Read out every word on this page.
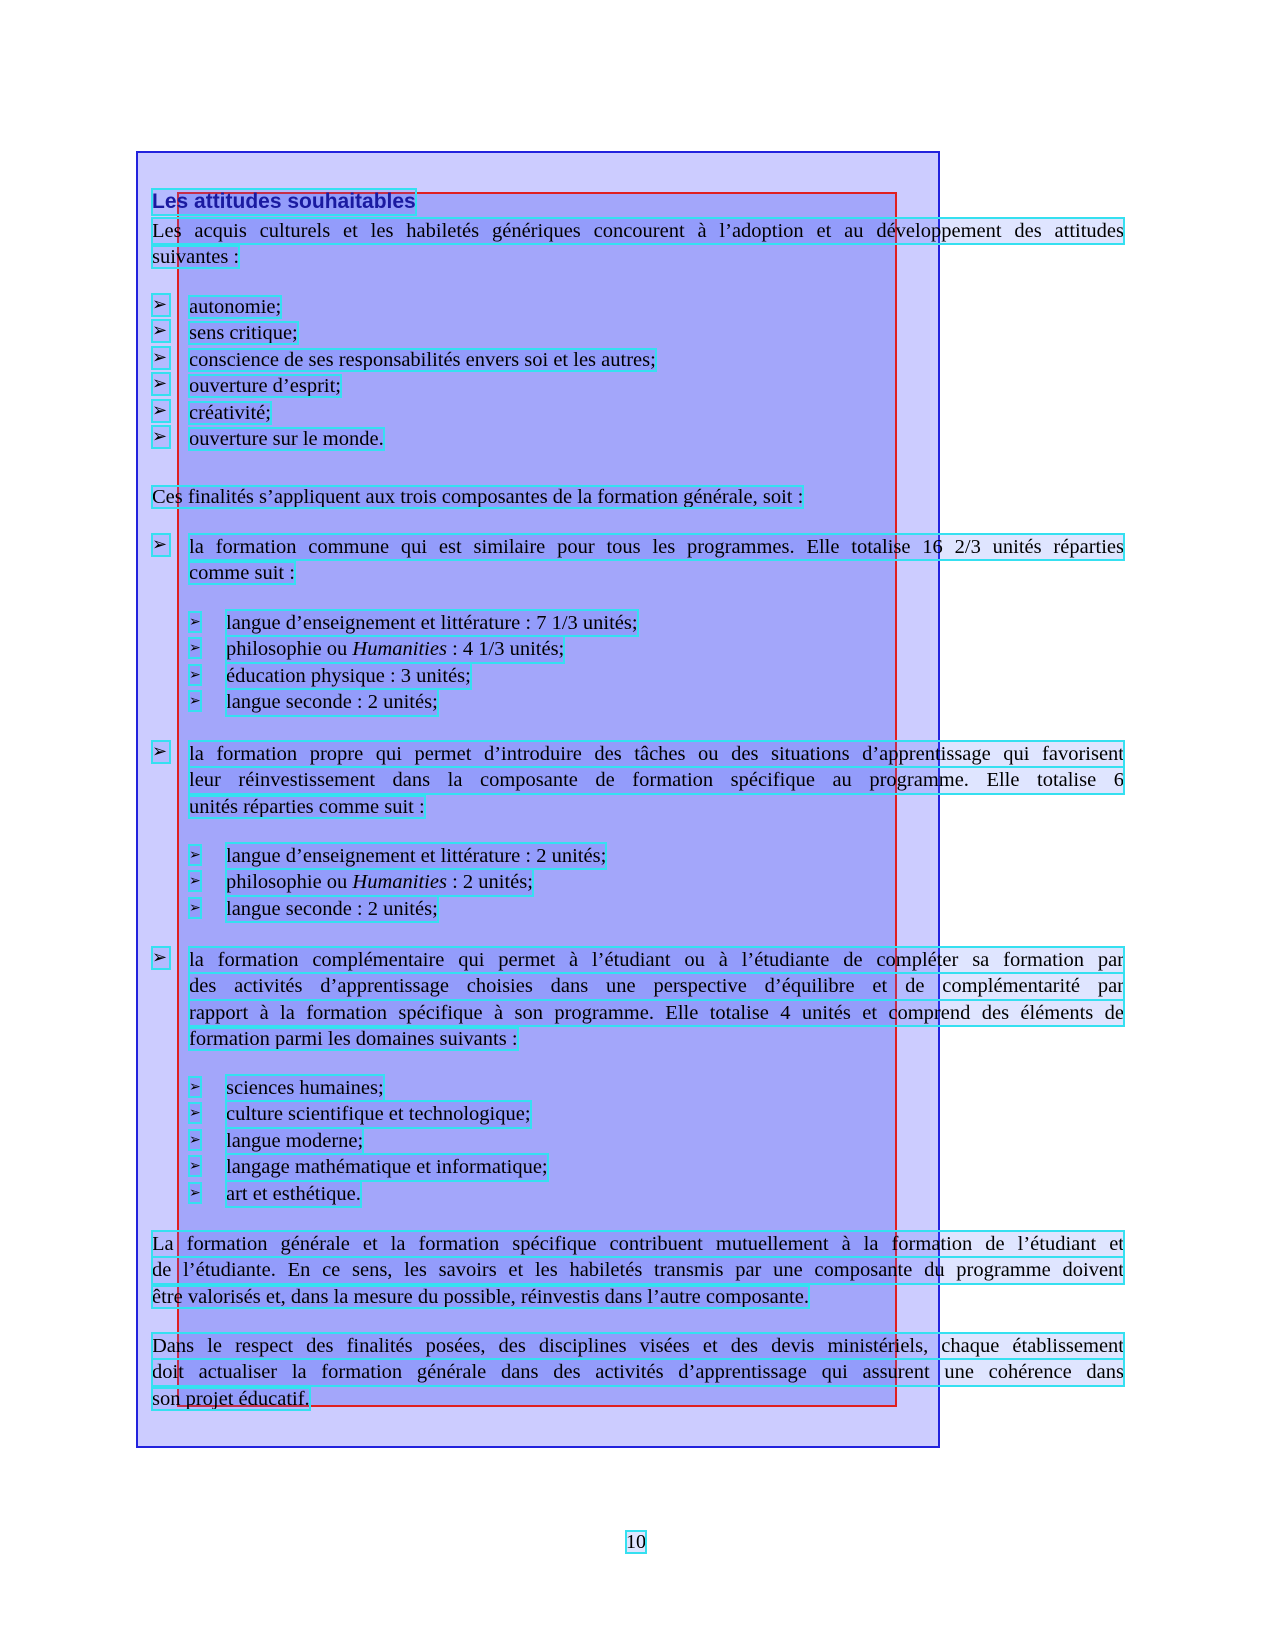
Les attitudes souhaitables
Les acquis culturels et les habiletés génériques concourent à l’adoption et au développement des attitudes
suivantes :
➢ autonomie;
➢ sens critique;
➢ conscience de ses responsabilités envers soi et les autres;
➢ ouverture d’esprit;
➢ créativité;
➢ ouverture sur le monde.
Ces finalités s’appliquent aux trois composantes de la formation générale, soit :
➢ la formation commune qui est similaire pour tous les programmes. Elle totalise 16 2/3 unités réparties
comme suit :
➢ langue d’enseignement et littérature : 7 1/3 unités;
➢ philosophie ou Humanities : 4 1/3 unités;
➢ éducation physique : 3 unités;
➢ langue seconde : 2 unités;
➢ la formation propre qui permet d’introduire des tâches ou des situations d’apprentissage qui favorisent
leur réinvestissement dans la composante de formation spécifique au programme. Elle totalise 6
unités réparties comme suit :
➢ langue d’enseignement et littérature : 2 unités;
➢ philosophie ou Humanities : 2 unités;
➢ langue seconde : 2 unités;
➢ la formation complémentaire qui permet à l’étudiant ou à l’étudiante de compléter sa formation par
des activités d’apprentissage choisies dans une perspective d’équilibre et de complémentarité par
rapport à la formation spécifique à son programme. Elle totalise 4 unités et comprend des éléments de
formation parmi les domaines suivants :
➢ sciences humaines;
➢ culture scientifique et technologique;
➢ langue moderne;
➢ langage mathématique et informatique;
➢ art et esthétique.
La formation générale et la formation spécifique contribuent mutuellement à la formation de l’étudiant et
de l’étudiante. En ce sens, les savoirs et les habiletés transmis par une composante du programme doivent
être valorisés et, dans la mesure du possible, réinvestis dans l’autre composante.
Dans le respect des finalités posées, des disciplines visées et des devis ministériels, chaque établissement
doit actualiser la formation générale dans des activités d’apprentissage qui assurent une cohérence dans
son projet éducatif.
10
